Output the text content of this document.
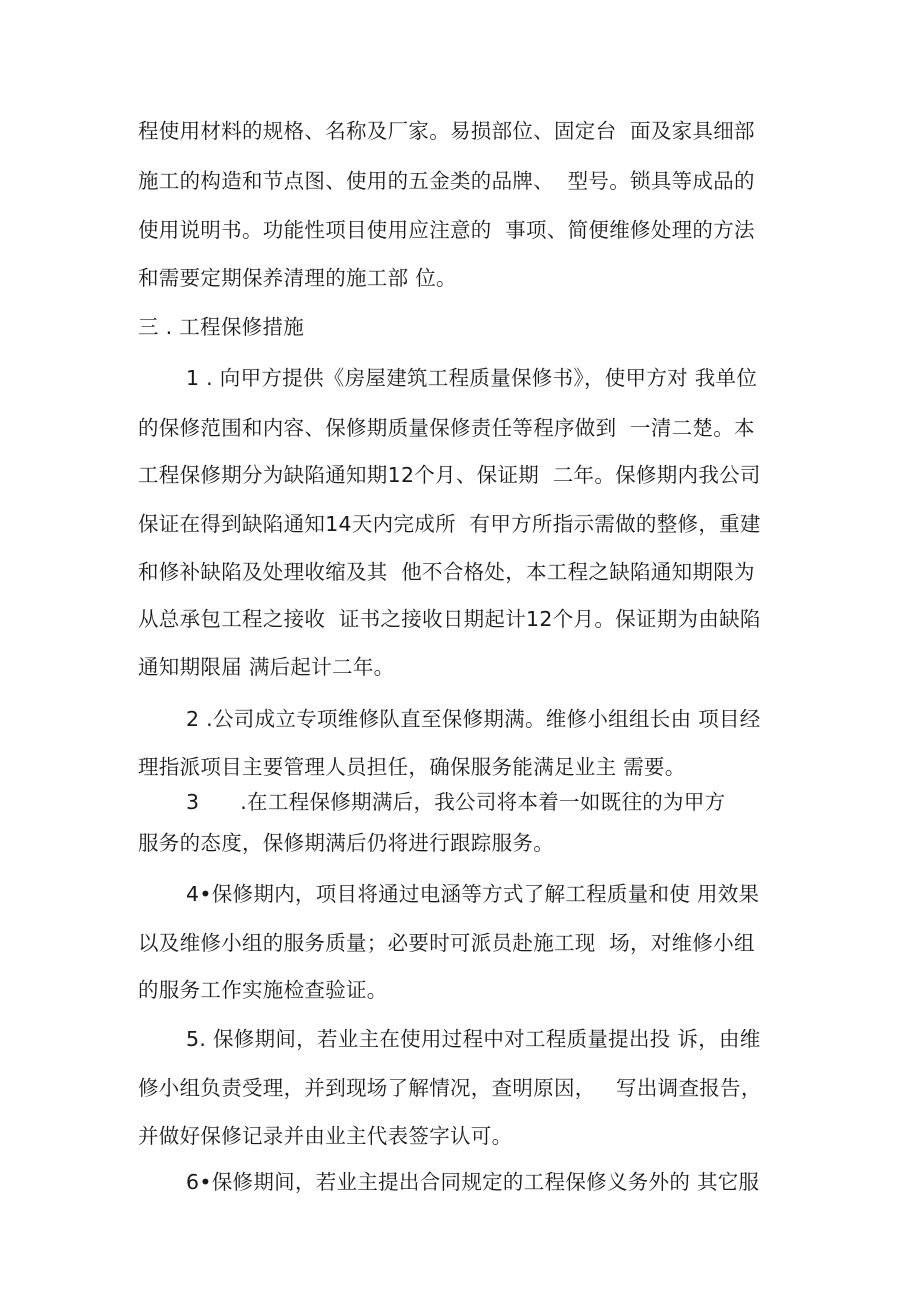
程使用材料的规格、名称及厂家。易损部位、固定台  面及家具细部
施工的构造和节点图、使用的五金类的品牌、  型号。锁具等成品的
使用说明书。功能性项目使用应注意的  事项、简便维修处理的方法
和需要定期保养清理的施工部 位。
三 . 工程保修措施
1 . 向甲方提供《房屋建筑工程质量保修书》，使甲方对 我单位
的保修范围和内容、保修期质量保修责任等程序做到  一清二楚。本
工程保修期分为缺陷通知期12个月、保证期  二年。保修期内我公司
保证在得到缺陷通知14天内完成所  有甲方所指示需做的整修，重建
和修补缺陷及处理收缩及其  他不合格处，本工程之缺陷通知期限为
从总承包工程之接收  证书之接收日期起计12个月。保证期为由缺陷
通知期限届 满后起计二年。
2 .公司成立专项维修队直至保修期满。维修小组组长由 项目经
理指派项目主要管理人员担任，确保服务能满足业主 需要。
3      .在工程保修期满后，我公司将本着一如既往的为甲方
服务的态度，保修期满后仍将进行跟踪服务。
4•保修期内，项目将通过电涵等方式了解工程质量和使 用效果
以及维修小组的服务质量；必要时可派员赴施工现  场，对维修小组
的服务工作实施检查验证。
5. 保修期间，若业主在使用过程中对工程质量提出投 诉，由维
修小组负责受理，并到现场了解情况，查明原因，   写出调查报告，
并做好保修记录并由业主代表签字认可。
6•保修期间，若业主提出合同规定的工程保修义务外的 其它服
